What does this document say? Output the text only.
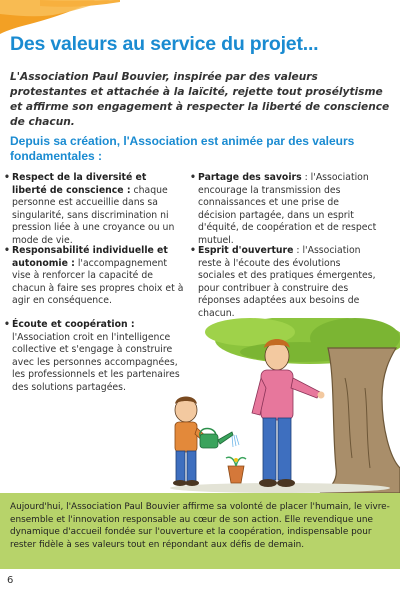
Des valeurs au service du projet...

L'Association Paul Bouvier, inspirée par des valeurs protestantes et attachée à la laïcité, rejette tout prosélytisme et affirme son engagement à respecter la liberté de conscience de chacun.

Depuis sa création, l'Association est animée par des valeurs fondamentales :

• Respect de la diversité et liberté de conscience : chaque personne est accueillie dans sa singularité, sans discrimination ni pression liée à une croyance ou un mode de vie.

• Responsabilité individuelle et autonomie : l'accompagnement vise à renforcer la capacité de chacun à faire ses propres choix et à agir en conséquence.

• Écoute et coopération : l'Association croit en l'intelligence collective et s'engage à construire avec les personnes accompagnées, les professionnels et les partenaires des solutions partagées.

• Partage des savoirs : l'Association encourage la transmission des connaissances et une prise de décision partagée, dans un esprit d'équité, de coopération et de respect mutuel.

• Esprit d'ouverture : l'Association reste à l'écoute des évolutions sociales et des pratiques émergentes, pour contribuer à construire des réponses adaptées aux besoins de chacun.

Aujourd'hui, l'Association Paul Bouvier affirme sa volonté de placer l'humain, le vivre-ensemble et l'innovation responsable au cœur de son action. Elle revendique une dynamique d'accueil fondée sur l'ouverture et la coopération, indispensable pour rester fidèle à ses valeurs tout en répondant aux défis de demain.

6
